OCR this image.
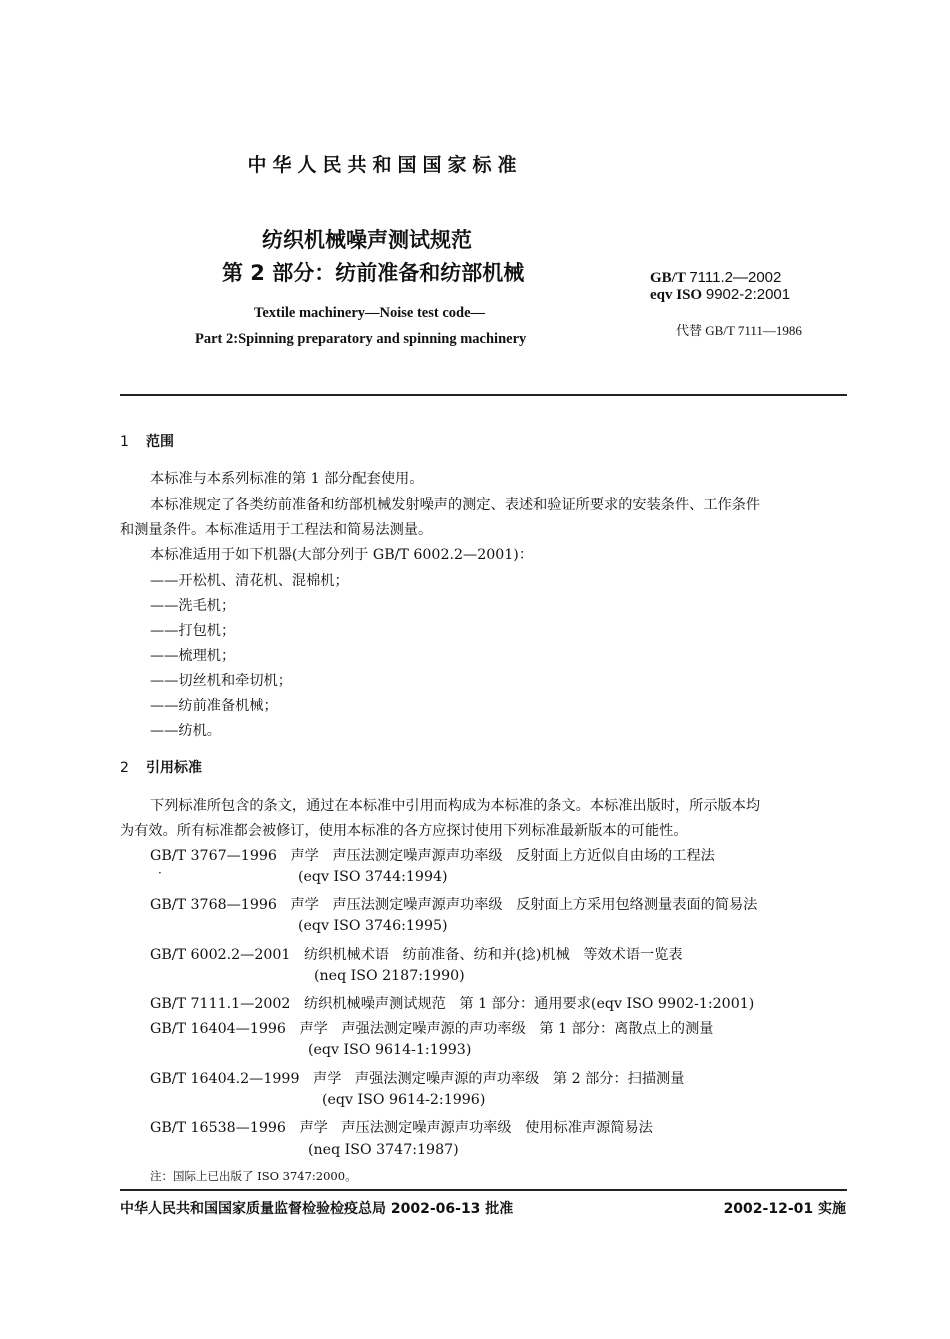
中华人民共和国国家标准
纺织机械噪声测试规范
第 2 部分：纺前准备和纺部机械
Textile machinery—Noise test code—
Part 2:Spinning preparatory and spinning machinery
GB/T 7111.2—2002
eqv ISO 9902-2:2001
代替 GB/T 7111—1986
1 范围
本标准与本系列标准的第 1 部分配套使用。
本标准规定了各类纺前准备和纺部机械发射噪声的测定、表述和验证所要求的安装条件、工作条件
和测量条件。本标准适用于工程法和简易法测量。
本标准适用于如下机器(大部分列于 GB/T 6002.2—2001)：
——开松机、清花机、混棉机；
——洗毛机；
——打包机；
——梳理机；
——切丝机和牵切机；
——纺前准备机械；
——纺机。
2 引用标准
下列标准所包含的条文，通过在本标准中引用而构成为本标准的条文。本标准出版时，所示版本均
为有效。所有标准都会被修订，使用本标准的各方应探讨使用下列标准最新版本的可能性。
GB/T 3767—1996   声学   声压法测定噪声源声功率级   反射面上方近似自由场的工程法
·	(eqv ISO 3744:1994)
GB/T 3768—1996   声学   声压法测定噪声源声功率级   反射面上方采用包络测量表面的简易法
(eqv ISO 3746:1995)
GB/T 6002.2—2001   纺织机械术语   纺前准备、纺和并(捻)机械   等效术语一览表
(neq ISO 2187:1990)
GB/T 7111.1—2002   纺织机械噪声测试规范   第 1 部分：通用要求(eqv ISO 9902-1:2001)
GB/T 16404—1996   声学   声强法测定噪声源的声功率级   第 1 部分：离散点上的测量
(eqv ISO 9614-1:1993)
GB/T 16404.2—1999   声学   声强法测定噪声源的声功率级   第 2 部分：扫描测量
(eqv ISO 9614-2:1996)
GB/T 16538—1996   声学   声压法测定噪声源声功率级   使用标准声源简易法
(neq ISO 3747:1987)
注：国际上已出版了 ISO 3747:2000。
中华人民共和国国家质量监督检验检疫总局 2002-06-13 批准	2002-12-01 实施
